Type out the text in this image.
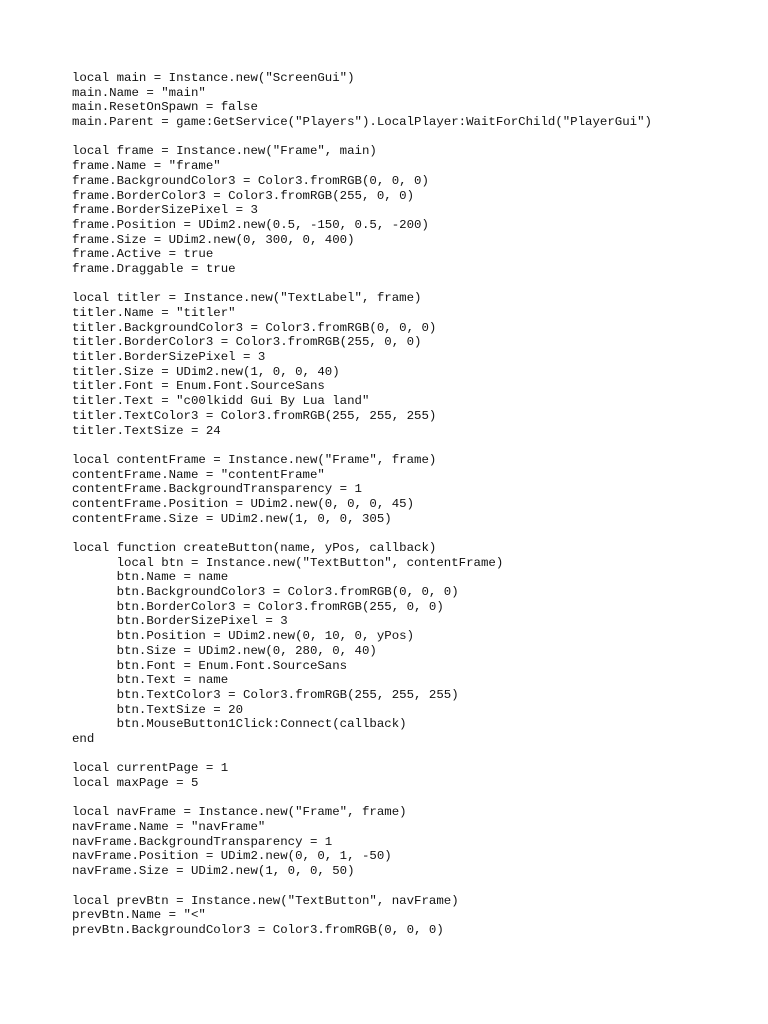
local main = Instance.new("ScreenGui")
main.Name = "main"
main.ResetOnSpawn = false
main.Parent = game:GetService("Players").LocalPlayer:WaitForChild("PlayerGui")
local frame = Instance.new("Frame", main)
frame.Name = "frame"
frame.BackgroundColor3 = Color3.fromRGB(0, 0, 0)
frame.BorderColor3 = Color3.fromRGB(255, 0, 0)
frame.BorderSizePixel = 3
frame.Position = UDim2.new(0.5, -150, 0.5, -200)
frame.Size = UDim2.new(0, 300, 0, 400)
frame.Active = true
frame.Draggable = true
local titler = Instance.new("TextLabel", frame)
titler.Name = "titler"
titler.BackgroundColor3 = Color3.fromRGB(0, 0, 0)
titler.BorderColor3 = Color3.fromRGB(255, 0, 0)
titler.BorderSizePixel = 3
titler.Size = UDim2.new(1, 0, 0, 40)
titler.Font = Enum.Font.SourceSans
titler.Text = "c00lkidd Gui By Lua land"
titler.TextColor3 = Color3.fromRGB(255, 255, 255)
titler.TextSize = 24
local contentFrame = Instance.new("Frame", frame)
contentFrame.Name = "contentFrame"
contentFrame.BackgroundTransparency = 1
contentFrame.Position = UDim2.new(0, 0, 0, 45)
contentFrame.Size = UDim2.new(1, 0, 0, 305)
local function createButton(name, yPos, callback)
local btn = Instance.new("TextButton", contentFrame)
btn.Name = name
btn.BackgroundColor3 = Color3.fromRGB(0, 0, 0)
btn.BorderColor3 = Color3.fromRGB(255, 0, 0)
btn.BorderSizePixel = 3
btn.Position = UDim2.new(0, 10, 0, yPos)
btn.Size = UDim2.new(0, 280, 0, 40)
btn.Font = Enum.Font.SourceSans
btn.Text = name
btn.TextColor3 = Color3.fromRGB(255, 255, 255)
btn.TextSize = 20
btn.MouseButton1Click:Connect(callback)
end
local currentPage = 1
local maxPage = 5
local navFrame = Instance.new("Frame", frame)
navFrame.Name = "navFrame"
navFrame.BackgroundTransparency = 1
navFrame.Position = UDim2.new(0, 0, 1, -50)
navFrame.Size = UDim2.new(1, 0, 0, 50)
local prevBtn = Instance.new("TextButton", navFrame)
prevBtn.Name = "<"
prevBtn.BackgroundColor3 = Color3.fromRGB(0, 0, 0)
